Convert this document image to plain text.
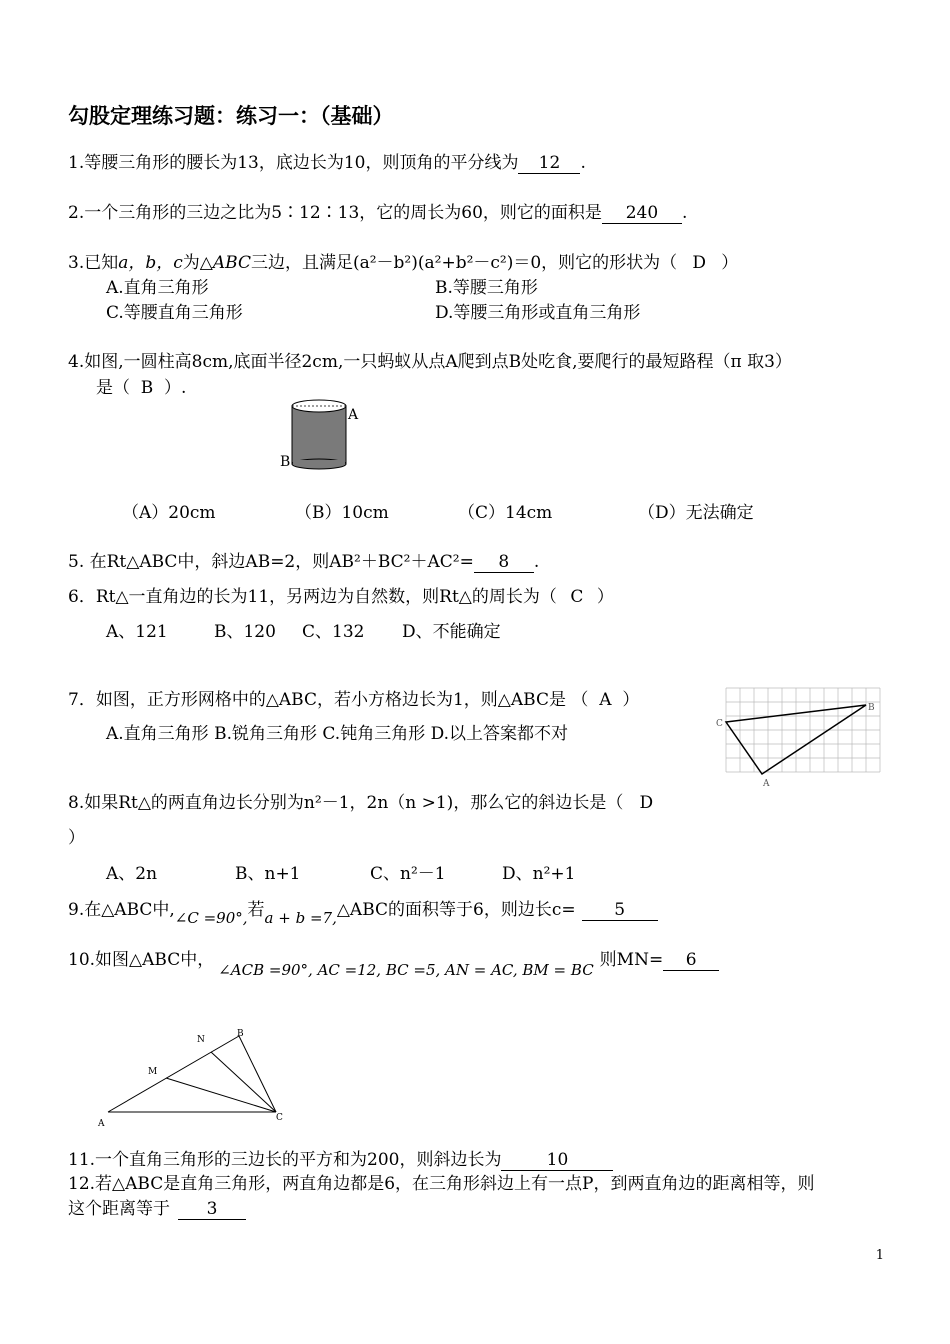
勾股定理练习题：练习一：（基础）
1.等腰三角形的腰长为13，底边长为10，则顶角的平分线为 12 .
2.一个三角形的三边之比为5∶12∶13，它的周长为60，则它的面积是 240 .
3.已知a，b，c为△ABC三边，且满足(a²－b²)(a²+b²－c²)＝0，则它的形状为（ D ）
A.直角三角形	B.等腰三角形
C.等腰直角三角形	D.等腰三角形或直角三角形
4.如图,一圆柱高8cm,底面半径2cm,一只蚂蚁从点A爬到点B处吃食,要爬行的最短路程（π 取3）
是（ B ）.
A
B
（A）20cm	（B）10cm	（C）14cm	（D）无法确定
5. 在Rt△ABC中，斜边AB=2，则AB²＋BC²＋AC²= 8 .
6．Rt△一直角边的长为11，另两边为自然数，则Rt△的周长为（ C ）
A、121	B、120 C、132 D、不能确定
7．如图，正方形网格中的△ABC，若小方格边长为1，则△ABC是 （ A ）
A.直角三角形 B.锐角三角形 C.钝角三角形 D.以上答案都不对	C
B
A
8.如果Rt△的两直角边长分别为n²－1，2n（n >1)，那么它的斜边长是（ D
）
A、2n	B、n+1	C、n²－1	D、n²+1
9.在△ABC中,∠C =90°,若a + b =7,△ABC的面积等于6，则边长c= 5
10.如图△ABC中， ∠ACB =90°, AC =12, BC =5, AN = AC, BM = BC 则MN= 6
A
B
C
M
N
11.一个直角三角形的三边长的平方和为200，则斜边长为	10
12.若△ABC是直角三角形，两直角边都是6，在三角形斜边上有一点P，到两直角边的距离相等，则
这个距离等于 3
1
